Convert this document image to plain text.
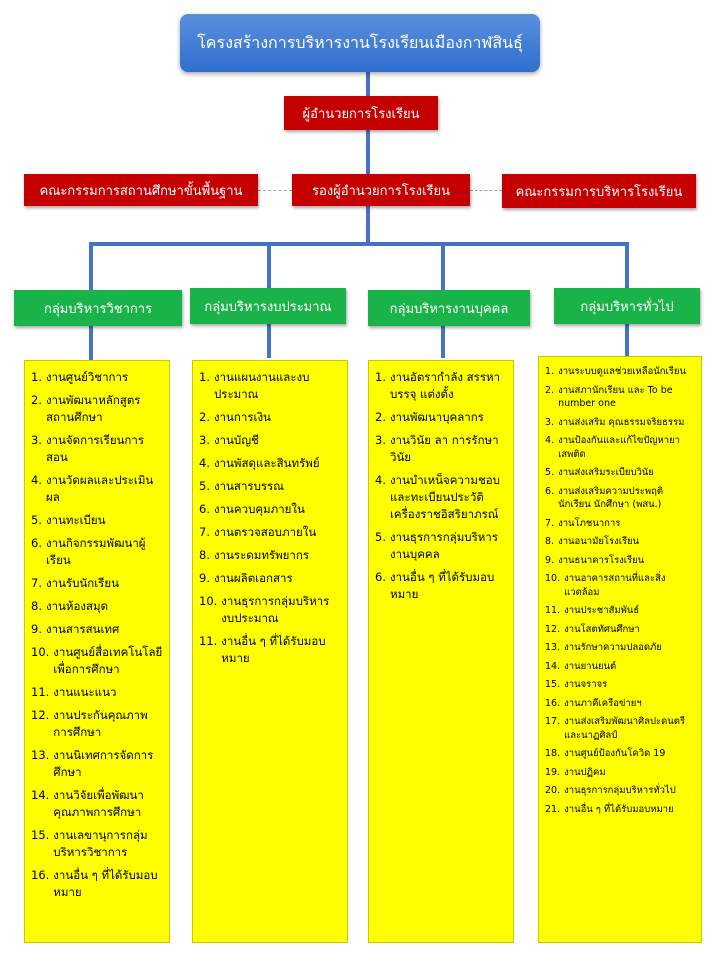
โครงสร้างการบริหารงานโรงเรียนเมืองกาฬสินธุ์
ผู้อำนวยการโรงเรียน
คณะกรรมการสถานศึกษาขั้นพื้นฐาน	รองผู้อำนวยการโรงเรียน	คณะกรรมการบริหารโรงเรียน
กลุ่มบริหารวิชาการ	กลุ่มบริหารงบประมาณ	กลุ่มบริหารงานบุคคล	กลุ่มบริหารทั่วไป
1. งานศูนย์วิชาการ
2. งานพัฒนาหลักสูตรสถานศึกษา
3. งานจัดการเรียนการสอน
4. งานวัดผลและประเมินผล
5. งานทะเบียน
6. งานกิจกรรมพัฒนาผู้เรียน
7. งานรับนักเรียน
8. งานห้องสมุด
9. งานสารสนเทศ
10. งานศูนย์สื่อเทคโนโลยีเพื่อการศึกษา
11. งานแนะแนว
12. งานประกันคุณภาพการศึกษา
13. งานนิเทศการจัดการศึกษา
14. งานวิจัยเพื่อพัฒนาคุณภาพการศึกษา
15. งานเลขานุการกลุ่มบริหารวิชาการ
16. งานอื่น ๆ ที่ได้รับมอบหมาย
1. งานแผนงานและงบประมาณ
2. งานการเงิน
3. งานบัญชี
4. งานพัสดุและสินทรัพย์
5. งานสารบรรณ
6. งานควบคุมภายใน
7. งานตรวจสอบภายใน
8. งานระดมทรัพยากร
9. งานผลิตเอกสาร
10. งานธุรการกลุ่มบริหารงบประมาณ
11. งานอื่น ๆ ที่ได้รับมอบหมาย
1. งานอัตรากำลัง สรรหา บรรจุ แต่งตั้ง
2. งานพัฒนาบุคลากร
3. งานวินัย ลา การรักษาวินัย
4. งานบำเหน็จความชอบและทะเบียนประวัติ เครื่องราชอิสริยาภรณ์
5. งานธุรการกลุ่มบริหารงานบุคคล
6. งานอื่น ๆ ที่ได้รับมอบหมาย
1. งานระบบดูแลช่วยเหลือนักเรียน
2. งานสภานักเรียน และ To be number one
3. งานส่งเสริม คุณธรรมจริยธรรม
4. งานป้องกันและแก้ไขปัญหายาเสพติด
5. งานส่งเสริมระเบียบวินัย
6. งานส่งเสริมความประพฤตินักเรียน นักศึกษา (พสน.)
7. งานโภชนาการ
8. งานอนามัยโรงเรียน
9. งานธนาคารโรงเรียน
10. งานอาคารสถานที่และสิ่งแวดล้อม
11. งานประชาสัมพันธ์
12. งานโสตทัศนศึกษา
13. งานรักษาความปลอดภัย
14. งานยานยนต์
15. งานจราจร
16. งานภาคีเครือข่ายฯ
17. งานส่งเสริมพัฒนาศิลปะดนตรีและนาฏศิลป์
18. งานศูนย์ป้องกันโควิด 19
19. งานปฏิคม
20. งานธุรการกลุ่มบริหารทั่วไป
21. งานอื่น ๆ ที่ได้รับมอบหมาย
